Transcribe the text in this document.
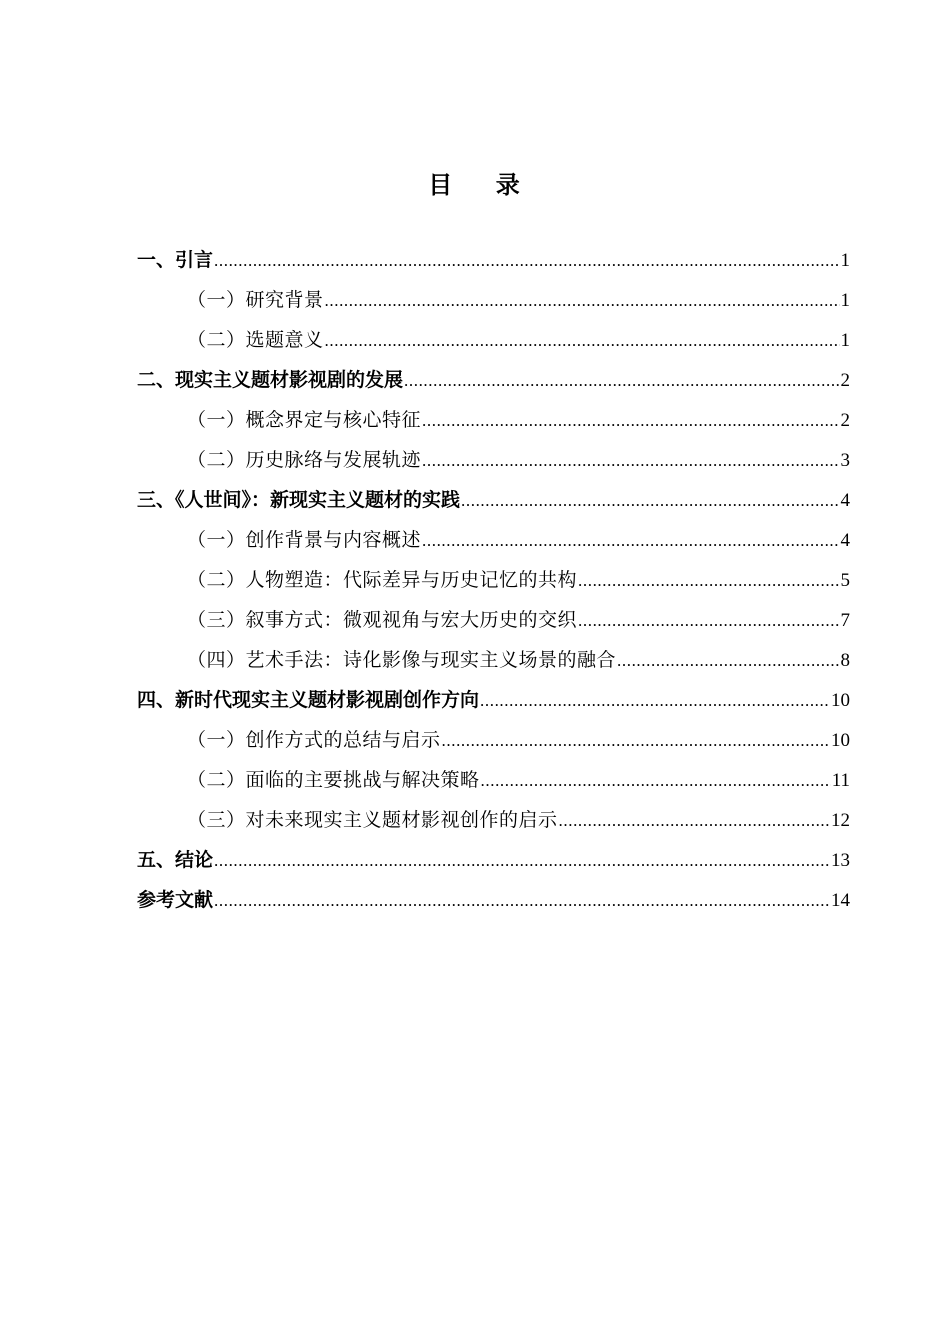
目    录
一、引言 .....	1
（一）研究背景 .....	1
（二）选题意义 .....	1
二、现实主义题材影视剧的发展 .....	2
（一）概念界定与核心特征 .....	2
（二）历史脉络与发展轨迹 .....	3
三、《人世间》：新现实主义题材的实践 .....	4
（一）创作背景与内容概述 .....	4
（二）人物塑造：代际差异与历史记忆的共构 .....	5
（三）叙事方式：微观视角与宏大历史的交织 .....	7
（四）艺术手法：诗化影像与现实主义场景的融合 .....	8
四、新时代现实主义题材影视剧创作方向 .....	10
（一）创作方式的总结与启示 .....	10
（二）面临的主要挑战与解决策略 .....	11
（三）对未来现实主义题材影视创作的启示 .....	12
五、结论 .....	13
参考文献 .....	14
